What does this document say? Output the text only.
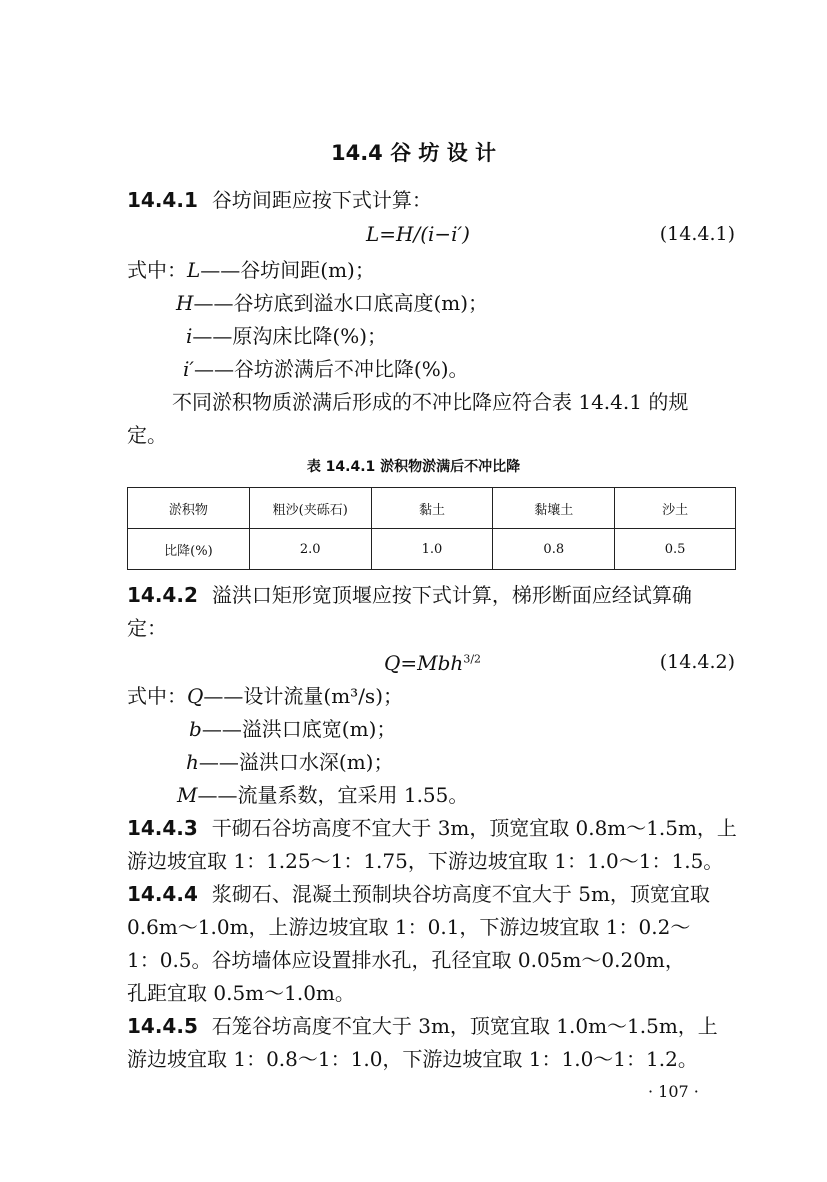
14.4 谷 坊 设 计
14.4.1 谷坊间距应按下式计算：
L=H/(i−i′)	(14.4.1)
式中：L——谷坊间距(m)；
H——谷坊底到溢水口底高度(m)；
i——原沟床比降(%)；
i′——谷坊淤满后不冲比降(%)。
不同淤积物质淤满后形成的不冲比降应符合表 14.4.1 的规
定。
表 14.4.1 淤积物淤满后不冲比降
淤积物	粗沙(夹砾石)	黏土	黏壤土	沙土
比降(%)	2.0	1.0	0.8	0.5
14.4.2 溢洪口矩形宽顶堰应按下式计算，梯形断面应经试算确
定：
Q=Mbh$^{3/2}$	(14.4.2)
式中：Q——设计流量(m³/s)；
b——溢洪口底宽(m)；
h——溢洪口水深(m)；
M——流量系数，宜采用 1.55。
14.4.3 干砌石谷坊高度不宜大于 3m，顶宽宜取 0.8m～1.5m，上
游边坡宜取 1：1.25～1：1.75，下游边坡宜取 1：1.0～1：1.5。
14.4.4 浆砌石、混凝土预制块谷坊高度不宜大于 5m，顶宽宜取
0.6m～1.0m，上游边坡宜取 1：0.1，下游边坡宜取 1：0.2～
1：0.5。谷坊墙体应设置排水孔，孔径宜取 0.05m～0.20m，
孔距宜取 0.5m～1.0m。
14.4.5 石笼谷坊高度不宜大于 3m，顶宽宜取 1.0m～1.5m，上
游边坡宜取 1：0.8～1：1.0，下游边坡宜取 1：1.0～1：1.2。
· 107 ·
